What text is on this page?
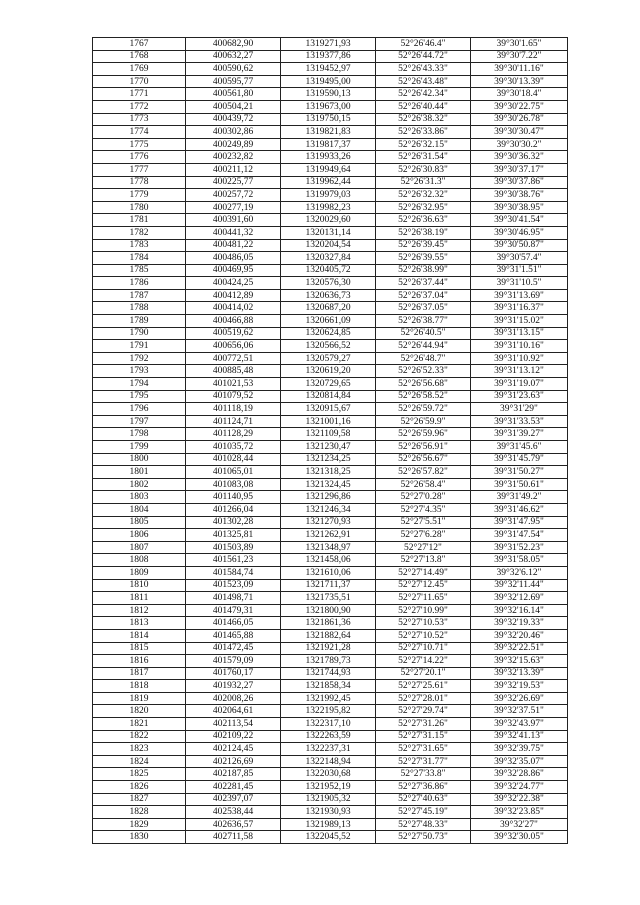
1767	400682,90	1319271,93	52°26'46.4"	39°30'1.65"
1768	400632,27	1319377,86	52°26'44.72"	39°30'7.22"
1769	400590,62	1319452,97	52°26'43.33"	39°30'11.16"
1770	400595,77	1319495,00	52°26'43.48"	39°30'13.39"
1771	400561,80	1319590,13	52°26'42.34"	39°30'18.4"
1772	400504,21	1319673,00	52°26'40.44"	39°30'22.75"
1773	400439,72	1319750,15	52°26'38.32"	39°30'26.78"
1774	400302,86	1319821,83	52°26'33.86"	39°30'30.47"
1775	400249,89	1319817,37	52°26'32.15"	39°30'30.2"
1776	400232,82	1319933,26	52°26'31.54"	39°30'36.32"
1777	400211,12	1319949,64	52°26'30.83"	39°30'37.17"
1778	400225,77	1319962,44	52°26'31.3"	39°30'37.86"
1779	400257,72	1319979,03	52°26'32.32"	39°30'38.76"
1780	400277,19	1319982,23	52°26'32.95"	39°30'38.95"
1781	400391,60	1320029,60	52°26'36.63"	39°30'41.54"
1782	400441,32	1320131,14	52°26'38.19"	39°30'46.95"
1783	400481,22	1320204,54	52°26'39.45"	39°30'50.87"
1784	400486,05	1320327,84	52°26'39.55"	39°30'57.4"
1785	400469,95	1320405,72	52°26'38.99"	39°31'1.51"
1786	400424,25	1320576,30	52°26'37.44"	39°31'10.5"
1787	400412,89	1320636,73	52°26'37.04"	39°31'13.69"
1788	400414,02	1320687,20	52°26'37.05"	39°31'16.37"
1789	400466,88	1320661,09	52°26'38.77"	39°31'15.02"
1790	400519,62	1320624,85	52°26'40.5"	39°31'13.15"
1791	400656,06	1320566,52	52°26'44.94"	39°31'10.16"
1792	400772,51	1320579,27	52°26'48.7"	39°31'10.92"
1793	400885,48	1320619,20	52°26'52.33"	39°31'13.12"
1794	401021,53	1320729,65	52°26'56.68"	39°31'19.07"
1795	401079,52	1320814,84	52°26'58.52"	39°31'23.63"
1796	401118,19	1320915,67	52°26'59.72"	39°31'29"
1797	401124,71	1321001,16	52°26'59.9"	39°31'33.53"
1798	401128,29	1321109,58	52°26'59.96"	39°31'39.27"
1799	401035,72	1321230,47	52°26'56.91"	39°31'45.6"
1800	401028,44	1321234,25	52°26'56.67"	39°31'45.79"
1801	401065,01	1321318,25	52°26'57.82"	39°31'50.27"
1802	401083,08	1321324,45	52°26'58.4"	39°31'50.61"
1803	401140,95	1321296,86	52°27'0.28"	39°31'49.2"
1804	401266,04	1321246,34	52°27'4.35"	39°31'46.62"
1805	401302,28	1321270,93	52°27'5.51"	39°31'47.95"
1806	401325,81	1321262,91	52°27'6.28"	39°31'47.54"
1807	401503,89	1321348,97	52°27'12"	39°31'52.23"
1808	401561,23	1321458,06	52°27'13.8"	39°31'58.05"
1809	401584,74	1321610,06	52°27'14.49"	39°32'6.12"
1810	401523,09	1321711,37	52°27'12.45"	39°32'11.44"
1811	401498,71	1321735,51	52°27'11.65"	39°32'12.69"
1812	401479,31	1321800,90	52°27'10.99"	39°32'16.14"
1813	401466,05	1321861,36	52°27'10.53"	39°32'19.33"
1814	401465,88	1321882,64	52°27'10.52"	39°32'20.46"
1815	401472,45	1321921,28	52°27'10.71"	39°32'22.51"
1816	401579,09	1321789,73	52°27'14.22"	39°32'15.63"
1817	401760,17	1321744,93	52°27'20.1"	39°32'13.39"
1818	401932,27	1321858,34	52°27'25.61"	39°32'19.53"
1819	402008,26	1321992,45	52°27'28.01"	39°32'26.69"
1820	402064,61	1322195,82	52°27'29.74"	39°32'37.51"
1821	402113,54	1322317,10	52°27'31.26"	39°32'43.97"
1822	402109,22	1322263,59	52°27'31.15"	39°32'41.13"
1823	402124,45	1322237,31	52°27'31.65"	39°32'39.75"
1824	402126,69	1322148,94	52°27'31.77"	39°32'35.07"
1825	402187,85	1322030,68	52°27'33.8"	39°32'28.86"
1826	402281,45	1321952,19	52°27'36.86"	39°32'24.77"
1827	402397,07	1321905,32	52°27'40.63"	39°32'22.38"
1828	402538,44	1321930,93	52°27'45.19"	39°32'23.85"
1829	402636,57	1321989,13	52°27'48.33"	39°32'27"
1830	402711,58	1322045,52	52°27'50.73"	39°32'30.05"
